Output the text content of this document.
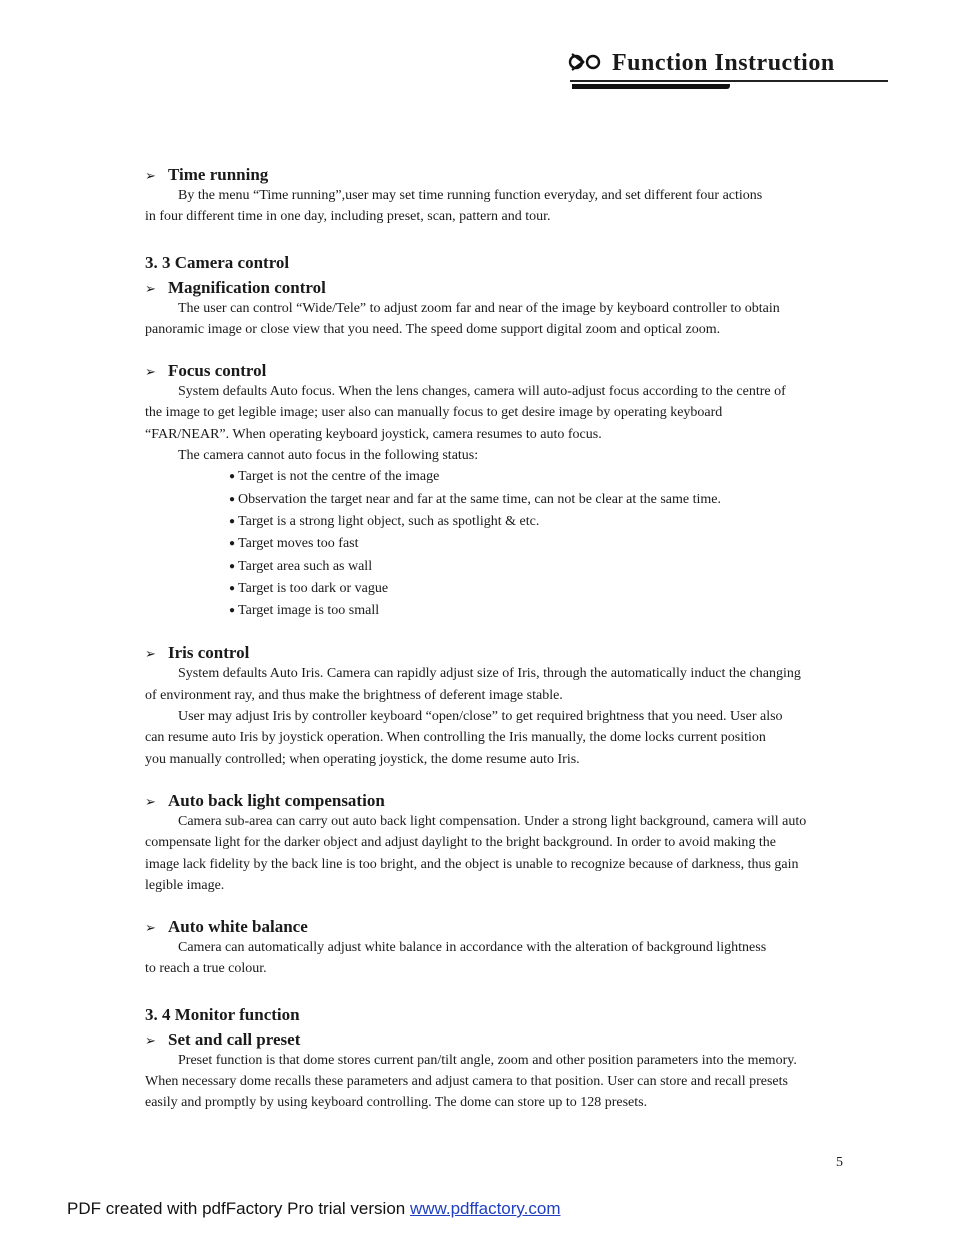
Function Instruction
➢ Time running

By the menu “Time running”,user may set time running function everyday, and set different four actions

in four different time in one day, including preset, scan, pattern and tour.

3. 3 Camera control
➢ Magnification control

The user can control “Wide/Tele” to adjust zoom far and near of the image by keyboard controller to obtain

panoramic image or close view that you need. The speed dome support digital zoom and optical zoom.

➢ Focus control

System defaults Auto focus. When the lens changes, camera will auto-adjust focus according to the centre of

the image to get legible image; user also can manually focus to get desire image by operating keyboard

“FAR/NEAR”. When operating keyboard joystick, camera resumes to auto focus.

The camera cannot auto focus in the following status:

● Target is not the centre of the image
● Observation the target near and far at the same time, can not be clear at the same time.
● Target is a strong light object, such as spotlight & etc.
● Target moves too fast
● Target area such as wall
● Target is too dark or vague
● Target image is too small
➢ Iris control

System defaults Auto Iris. Camera can rapidly adjust size of Iris, through the automatically induct the changing

of environment ray, and thus make the brightness of deferent image stable.

User may adjust Iris by controller keyboard “open/close” to get required brightness that you need. User also

can resume auto Iris by joystick operation. When controlling the Iris manually, the dome locks current position

you manually controlled; when operating joystick, the dome resume auto Iris.

➢ Auto back light compensation

Camera sub-area can carry out auto back light compensation. Under a strong light background, camera will auto

compensate light for the darker object and adjust daylight to the bright background. In order to avoid making the

image lack fidelity by the back line is too bright, and the object is unable to recognize because of darkness, thus gain

legible image.

➢ Auto white balance

Camera can automatically adjust white balance in accordance with the alteration of background lightness

to reach a true colour.

3. 4 Monitor function
➢ Set and call preset

Preset function is that dome stores current pan/tilt angle, zoom and other position parameters into the memory.

When necessary dome recalls these parameters and adjust camera to that position. User can store and recall presets

easily and promptly by using keyboard controlling. The dome can store up to 128 presets.

5
PDF created with pdfFactory Pro trial version www.pdffactory.com
